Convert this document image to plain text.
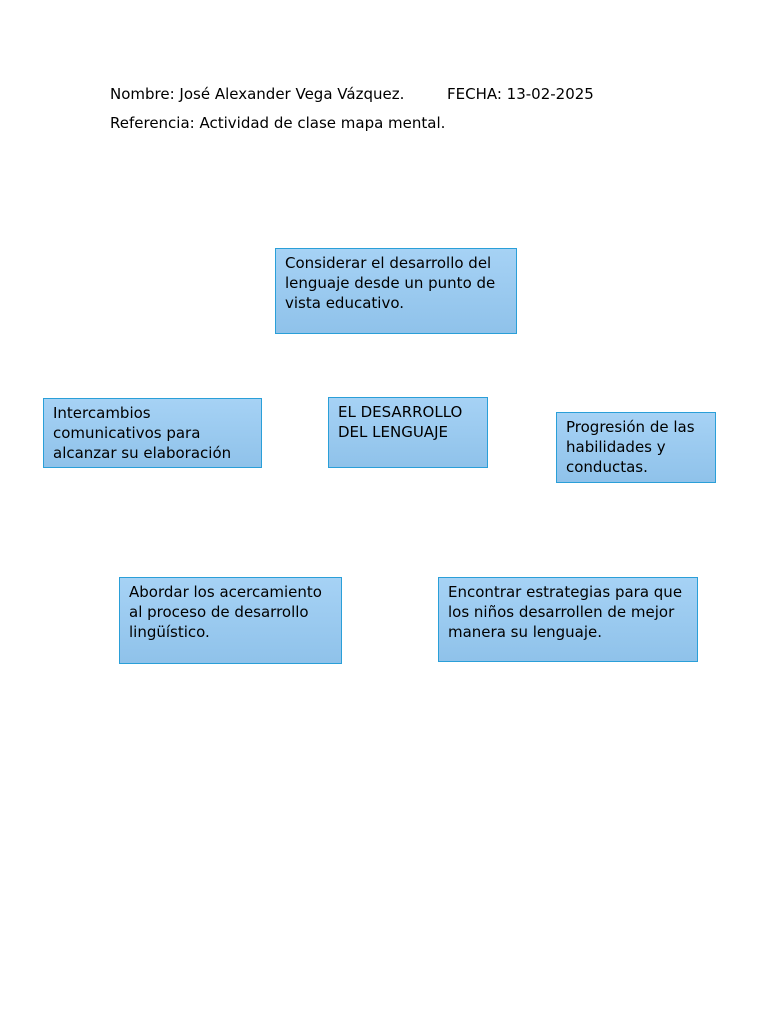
Nombre: José Alexander Vega Vázquez.	FECHA: 13-02-2025
Referencia: Actividad de clase mapa mental.
Considerar el desarrollo del lenguaje desde un punto de vista educativo.
Intercambios comunicativos para alcanzar su elaboración
EL DESARROLLO DEL LENGUAJE	Progresión de las habilidades y conductas.
Abordar los acercamiento al proceso de desarrollo lingüístico.
Encontrar estrategias para que los niños desarrollen de mejor manera su lenguaje.
